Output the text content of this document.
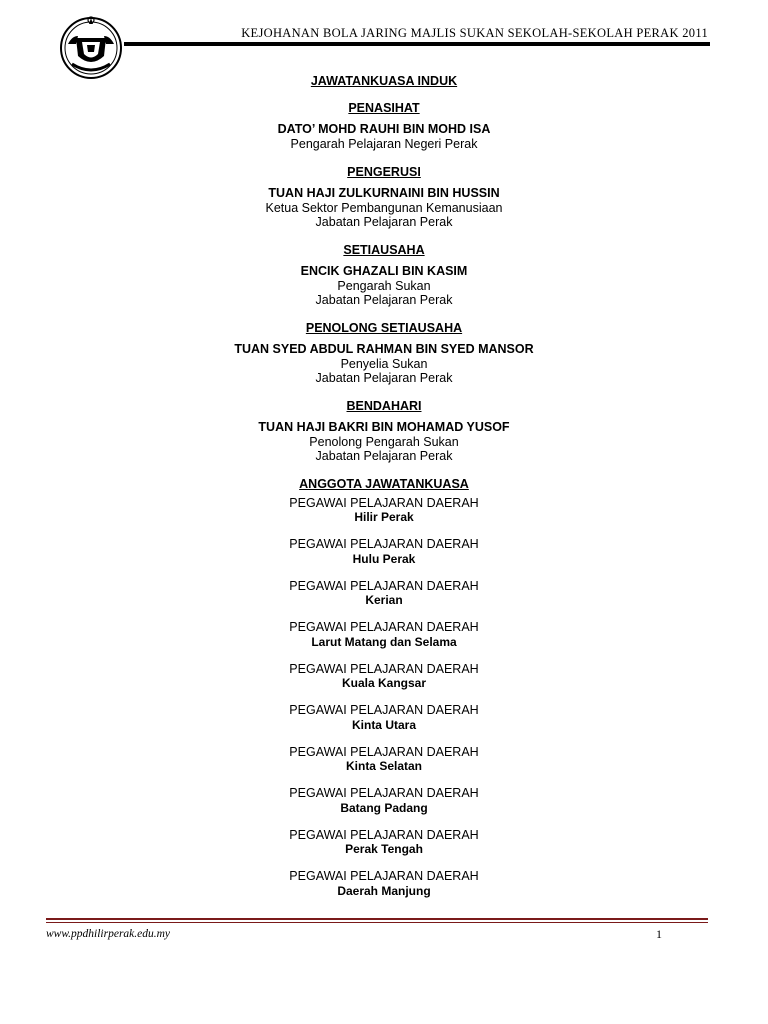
KEJOHANAN BOLA JARING MAJLIS SUKAN SEKOLAH-SEKOLAH PERAK 2011
JAWATANKUASA INDUK
PENASIHAT
DATO’ MOHD RAUHI BIN MOHD ISA
Pengarah Pelajaran Negeri Perak
PENGERUSI
TUAN HAJI ZULKURNAINI BIN HUSSIN
Ketua Sektor Pembangunan Kemanusiaan
Jabatan Pelajaran Perak
SETIAUSAHA
ENCIK GHAZALI BIN KASIM
Pengarah Sukan
Jabatan Pelajaran Perak
PENOLONG SETIAUSAHA
TUAN SYED ABDUL RAHMAN BIN SYED MANSOR
Penyelia Sukan
Jabatan Pelajaran Perak
BENDAHARI
TUAN HAJI BAKRI BIN MOHAMAD YUSOF
Penolong Pengarah Sukan
Jabatan Pelajaran Perak
ANGGOTA JAWATANKUASA
PEGAWAI PELAJARAN DAERAH
Hilir Perak
PEGAWAI PELAJARAN DAERAH
Hulu Perak
PEGAWAI PELAJARAN DAERAH
Kerian
PEGAWAI PELAJARAN DAERAH
Larut Matang dan Selama
PEGAWAI PELAJARAN DAERAH
Kuala Kangsar
PEGAWAI PELAJARAN DAERAH
Kinta Utara
PEGAWAI PELAJARAN DAERAH
Kinta Selatan
PEGAWAI PELAJARAN DAERAH
Batang Padang
PEGAWAI PELAJARAN DAERAH
Perak Tengah
PEGAWAI PELAJARAN DAERAH
Daerah Manjung
www.ppdhilirperak.edu.my	1
